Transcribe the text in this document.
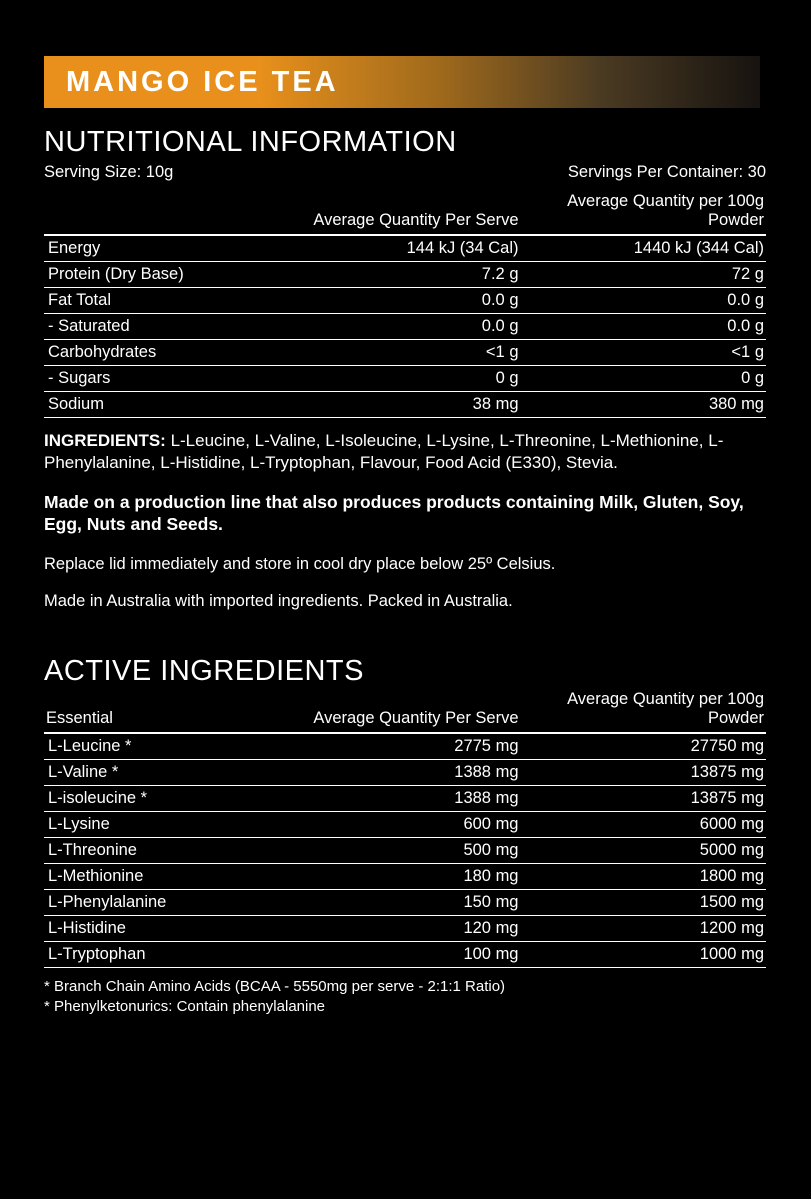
MANGO ICE TEA
NUTRITIONAL INFORMATION
Serving Size: 10g	Servings Per Container: 30
	Average Quantity Per Serve	Average Quantity per 100g Powder
Energy	144 kJ (34 Cal)	1440 kJ (344 Cal)
Protein (Dry Base)	7.2 g	72 g
Fat Total	0.0 g	0.0 g
- Saturated	0.0 g	0.0 g
Carbohydrates	<1 g	<1 g
- Sugars	0 g	0 g
Sodium	38 mg	380 mg

INGREDIENTS: L-Leucine, L-Valine, L-Isoleucine, L-Lysine, L-Threonine, L-Methionine, L-Phenylalanine, L-Histidine, L-Tryptophan, Flavour, Food Acid (E330), Stevia.

Made on a production line that also produces products containing Milk, Gluten, Soy, Egg, Nuts and Seeds.

Replace lid immediately and store in cool dry place below 25º Celsius.

Made in Australia with imported ingredients. Packed in Australia.

ACTIVE INGREDIENTS
Essential	Average Quantity Per Serve	Average Quantity per 100g Powder
L-Leucine *	2775 mg	27750 mg
L-Valine *	1388 mg	13875 mg
L-isoleucine *	1388 mg	13875 mg
L-Lysine	600 mg	6000 mg
L-Threonine	500 mg	5000 mg
L-Methionine	180 mg	1800 mg
L-Phenylalanine	150 mg	1500 mg
L-Histidine	120 mg	1200 mg
L-Tryptophan	100 mg	1000 mg
* Branch Chain Amino Acids (BCAA - 5550mg per serve - 2:1:1 Ratio)
* Phenylketonurics: Contain phenylalanine
